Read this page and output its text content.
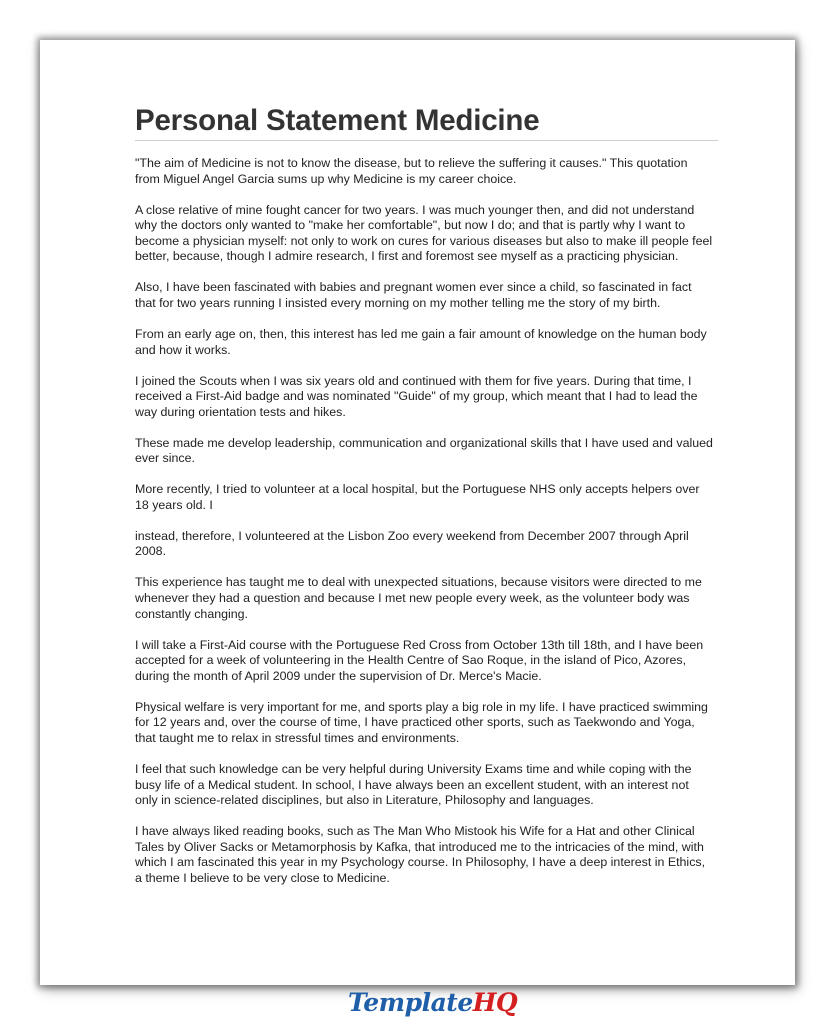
Personal Statement Medicine

"The aim of Medicine is not to know the disease, but to relieve the suffering it causes." This quotation
from Miguel Angel Garcia sums up why Medicine is my career choice.

A close relative of mine fought cancer for two years. I was much younger then, and did not understand
why the doctors only wanted to "make her comfortable", but now I do; and that is partly why I want to
become a physician myself: not only to work on cures for various diseases but also to make ill people feel
better, because, though I admire research, I first and foremost see myself as a practicing physician.

Also, I have been fascinated with babies and pregnant women ever since a child, so fascinated in fact
that for two years running I insisted every morning on my mother telling me the story of my birth.

From an early age on, then, this interest has led me gain a fair amount of knowledge on the human body
and how it works.

I joined the Scouts when I was six years old and continued with them for five years. During that time, I
received a First-Aid badge and was nominated "Guide" of my group, which meant that I had to lead the
way during orientation tests and hikes.

These made me develop leadership, communication and organizational skills that I have used and valued
ever since.

More recently, I tried to volunteer at a local hospital, but the Portuguese NHS only accepts helpers over
18 years old. I

instead, therefore, I volunteered at the Lisbon Zoo every weekend from December 2007 through April
2008.

This experience has taught me to deal with unexpected situations, because visitors were directed to me
whenever they had a question and because I met new people every week, as the volunteer body was
constantly changing.

I will take a First-Aid course with the Portuguese Red Cross from October 13th till 18th, and I have been
accepted for a week of volunteering in the Health Centre of Sao Roque, in the island of Pico, Azores,
during the month of April 2009 under the supervision of Dr. Merce's Macie.

Physical welfare is very important for me, and sports play a big role in my life. I have practiced swimming
for 12 years and, over the course of time, I have practiced other sports, such as Taekwondo and Yoga,
that taught me to relax in stressful times and environments.

I feel that such knowledge can be very helpful during University Exams time and while coping with the
busy life of a Medical student. In school, I have always been an excellent student, with an interest not
only in science-related disciplines, but also in Literature, Philosophy and languages.

I have always liked reading books, such as The Man Who Mistook his Wife for a Hat and other Clinical
Tales by Oliver Sacks or Metamorphosis by Kafka, that introduced me to the intricacies of the mind, with
which I am fascinated this year in my Psychology course. In Philosophy, I have a deep interest in Ethics,
a theme I believe to be very close to Medicine.

TemplateHQ
